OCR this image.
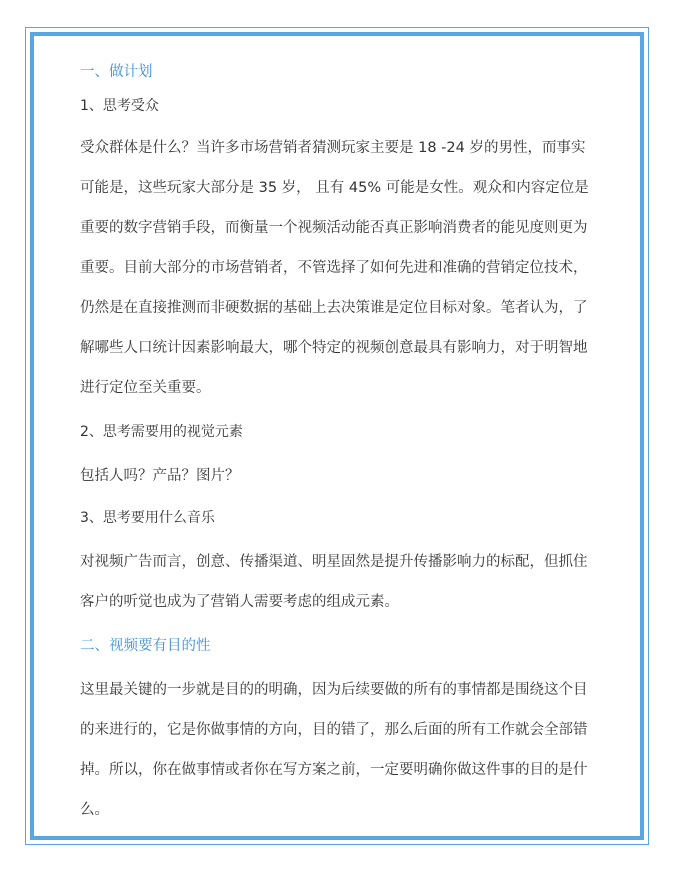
一、做计划

1、思考受众

受众群体是什么？当许多市场营销者猜测玩家主要是 18 -24 岁的男性，而事实
可能是，这些玩家大部分是 35 岁， 且有 45% 可能是女性。观众和内容定位是
重要的数字营销手段，而衡量一个视频活动能否真正影响消费者的能见度则更为
重要。目前大部分的市场营销者，不管选择了如何先进和准确的营销定位技术，
仍然是在直接推测而非硬数据的基础上去决策谁是定位目标对象。笔者认为，了
解哪些人口统计因素影响最大，哪个特定的视频创意最具有影响力，对于明智地
进行定位至关重要。

2、思考需要用的视觉元素

包括人吗？产品？图片？

3、思考要用什么音乐

对视频广告而言，创意、传播渠道、明星固然是提升传播影响力的标配，但抓住
客户的听觉也成为了营销人需要考虑的组成元素。

二、视频要有目的性

这里最关键的一步就是目的的明确，因为后续要做的所有的事情都是围绕这个目
的来进行的，它是你做事情的方向，目的错了，那么后面的所有工作就会全部错
掉。所以，你在做事情或者你在写方案之前，一定要明确你做这件事的目的是什
么。
